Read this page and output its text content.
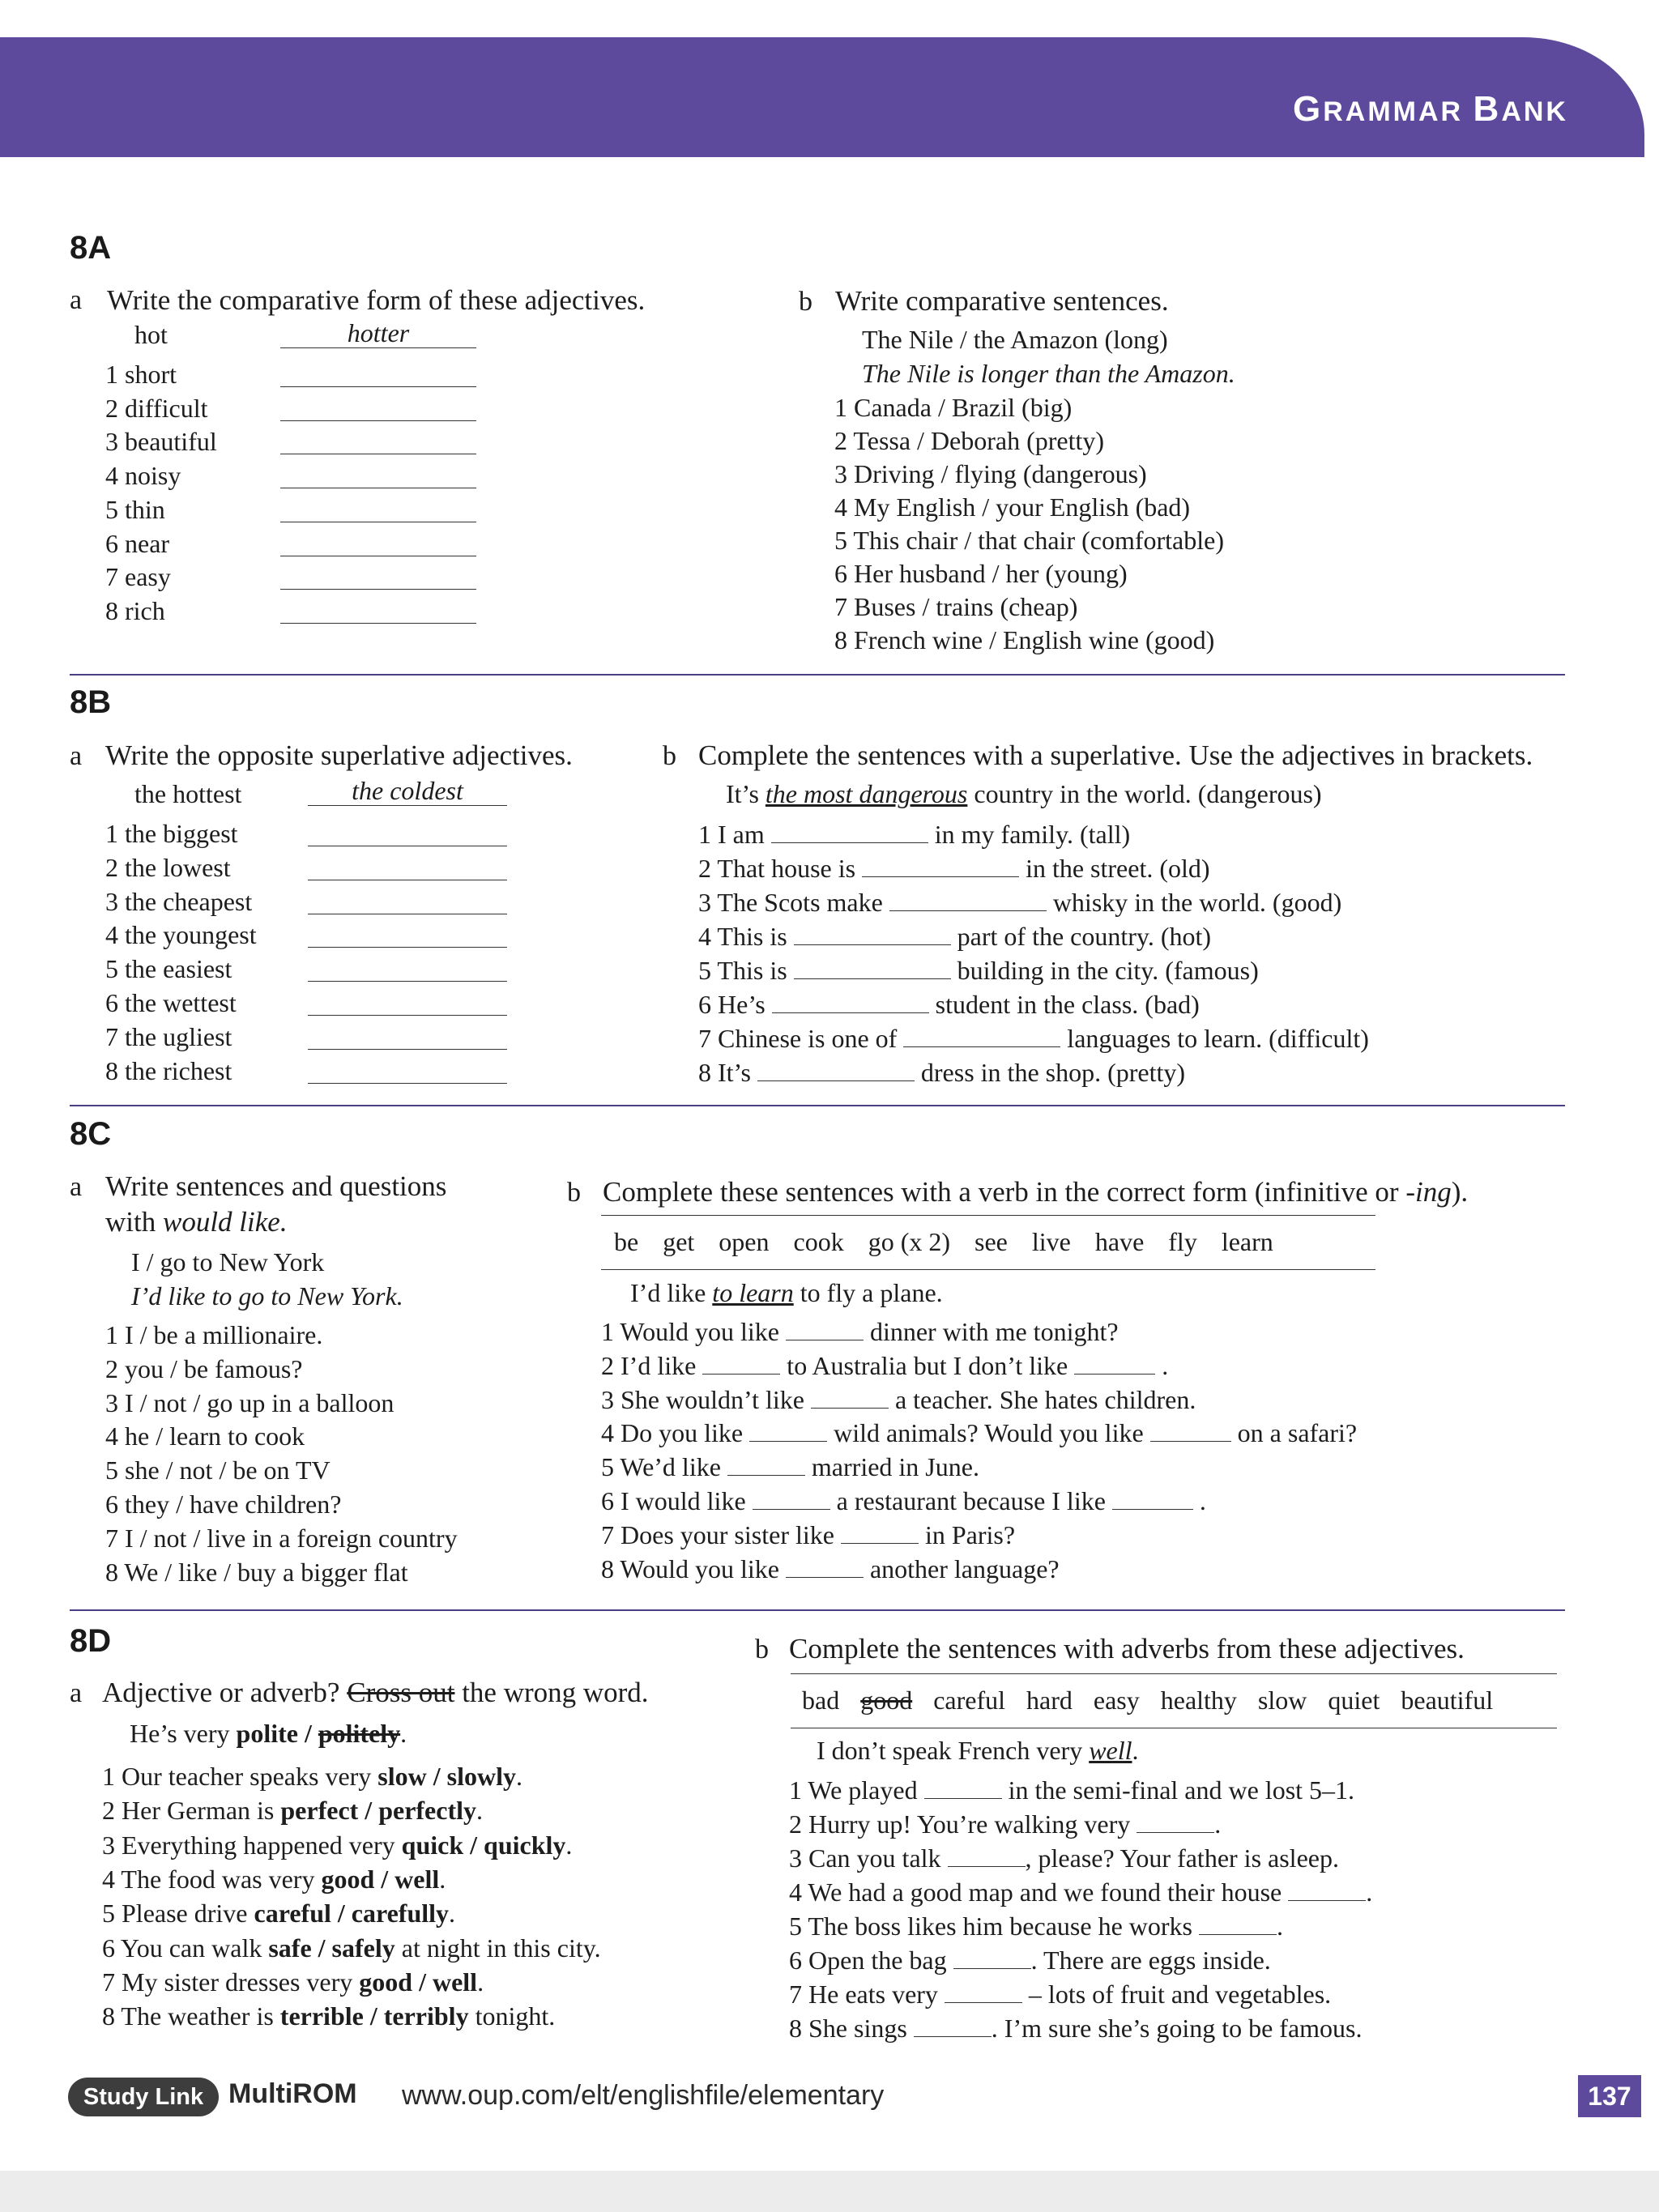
GRAMMAR BANK
8A
a Write the comparative form of these adjectives.
hot	hotter
1 short
2 difficult
3 beautiful
4 noisy
5 thin
6 near
7 easy
8 rich
b Write comparative sentences.
The Nile / the Amazon (long)
The Nile is longer than the Amazon.
1 Canada / Brazil (big)
2 Tessa / Deborah (pretty)
3 Driving / flying (dangerous)
4 My English / your English (bad)
5 This chair / that chair (comfortable)
6 Her husband / her (young)
7 Buses / trains (cheap)
8 French wine / English wine (good)
8B
a Write the opposite superlative adjectives.
the hottest	the coldest
1 the biggest
2 the lowest
3 the cheapest
4 the youngest
5 the easiest
6 the wettest
7 the ugliest
8 the richest
b Complete the sentences with a superlative. Use the adjectives in brackets.
It’s the most dangerous country in the world. (dangerous)
1 I am	in my family. (tall)
2 That house is	in the street. (old)
3 The Scots make	whisky in the world. (good)
4 This is	part of the country. (hot)
5 This is	building in the city. (famous)
6 He’s	student in the class. (bad)
7 Chinese is one of	languages to learn. (difficult)
8 It’s	dress in the shop. (pretty)
8C
a Write sentences and questions
with would like.
I / go to New York
I’d like to go to New York.
1 I / be a millionaire.
2 you / be famous?
3 I / not / go up in a balloon
4 he / learn to cook
5 she / not / be on TV
6 they / have children?
7 I / not / live in a foreign country
8 We / like / buy a bigger flat
b Complete these sentences with a verb in the correct form (infinitive or -ing).
be get open cook go (x 2) see live have fly learn
I’d like to learn to fly a plane.
1 Would you like	dinner with me tonight?
2 I’d like	to Australia but I don’t like	.
3 She wouldn’t like	a teacher. She hates children.
4 Do you like	wild animals? Would you like	on a safari?
5 We’d like	married in June.
6 I would like	a restaurant because I like	.
7 Does your sister like	in Paris?
8 Would you like	another language?
8D
a Adjective or adverb? Cross out the wrong word.
He’s very polite / politely.
1 Our teacher speaks very slow / slowly.
2 Her German is perfect / perfectly.
3 Everything happened very quick / quickly.
4 The food was very good / well.
5 Please drive careful / carefully.
6 You can walk safe / safely at night in this city.
7 My sister dresses very good / well.
8 The weather is terrible / terribly tonight.
b Complete the sentences with adverbs from these adjectives.
bad good careful hard easy healthy slow quiet beautiful
I don’t speak French very well.
1 We played	in the semi-final and we lost 5–1.
2 Hurry up! You’re walking very	.
3 Can you talk	, please? Your father is asleep.
4 We had a good map and we found their house	.
5 The boss likes him because he works	.
6 Open the bag	. There are eggs inside.
7 He eats very	– lots of fruit and vegetables.
8 She sings	. I’m sure she’s going to be famous.
Study Link MultiROM www.oup.com/elt/englishfile/elementary	137
